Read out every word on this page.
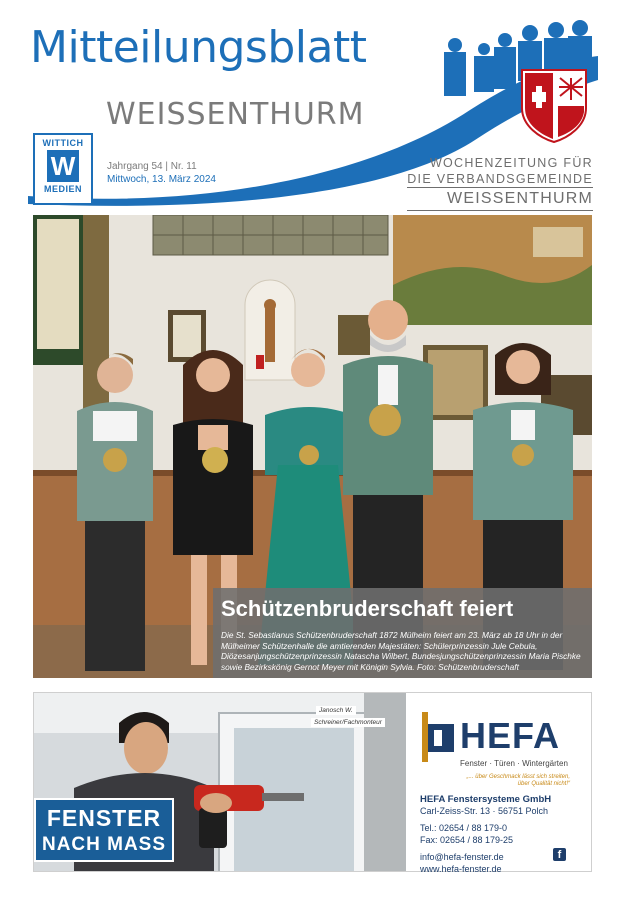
Mitteilungsblatt
WEISSENTHURM
WITTICH
W
MEDIEN
Jahrgang 54 | Nr. 11
Mittwoch, 13. März 2024
WOCHENZEITUNG FÜR
DIE VERBANDSGEMEINDE
WEISSENTHURM
Schützenbruderschaft feiert

Die St. Sebastianus Schützenbruderschaft 1872 Mülheim feiert am 23. März ab 18 Uhr in der Mülheimer Schützenhalle die amtierenden Majestäten: Schülerprinzessin Jule Cebula, Diözesanjungschützenprinzessin Natascha Wilbert, Bundesjungschützenprinzessin Maria Pischke sowie Bezirkskönig Gernot Meyer mit Königin Sylvia. Foto: Schützenbruderschaft

Janosch W.
Schreiner/Fachmonteur
FENSTER
NACH MASS
HEFA
Fenster · Türen · Wintergärten
„... über Geschmack lässt sich streiten, über Qualität nicht!“
HEFA Fenstersysteme GmbH
Carl-Zeiss-Str. 13 · 56751 Polch
Tel.: 02654 / 88 179-0
Fax: 02654 / 88 179-25
info@hefa-fenster.de
www.hefa-fenster.de
f
